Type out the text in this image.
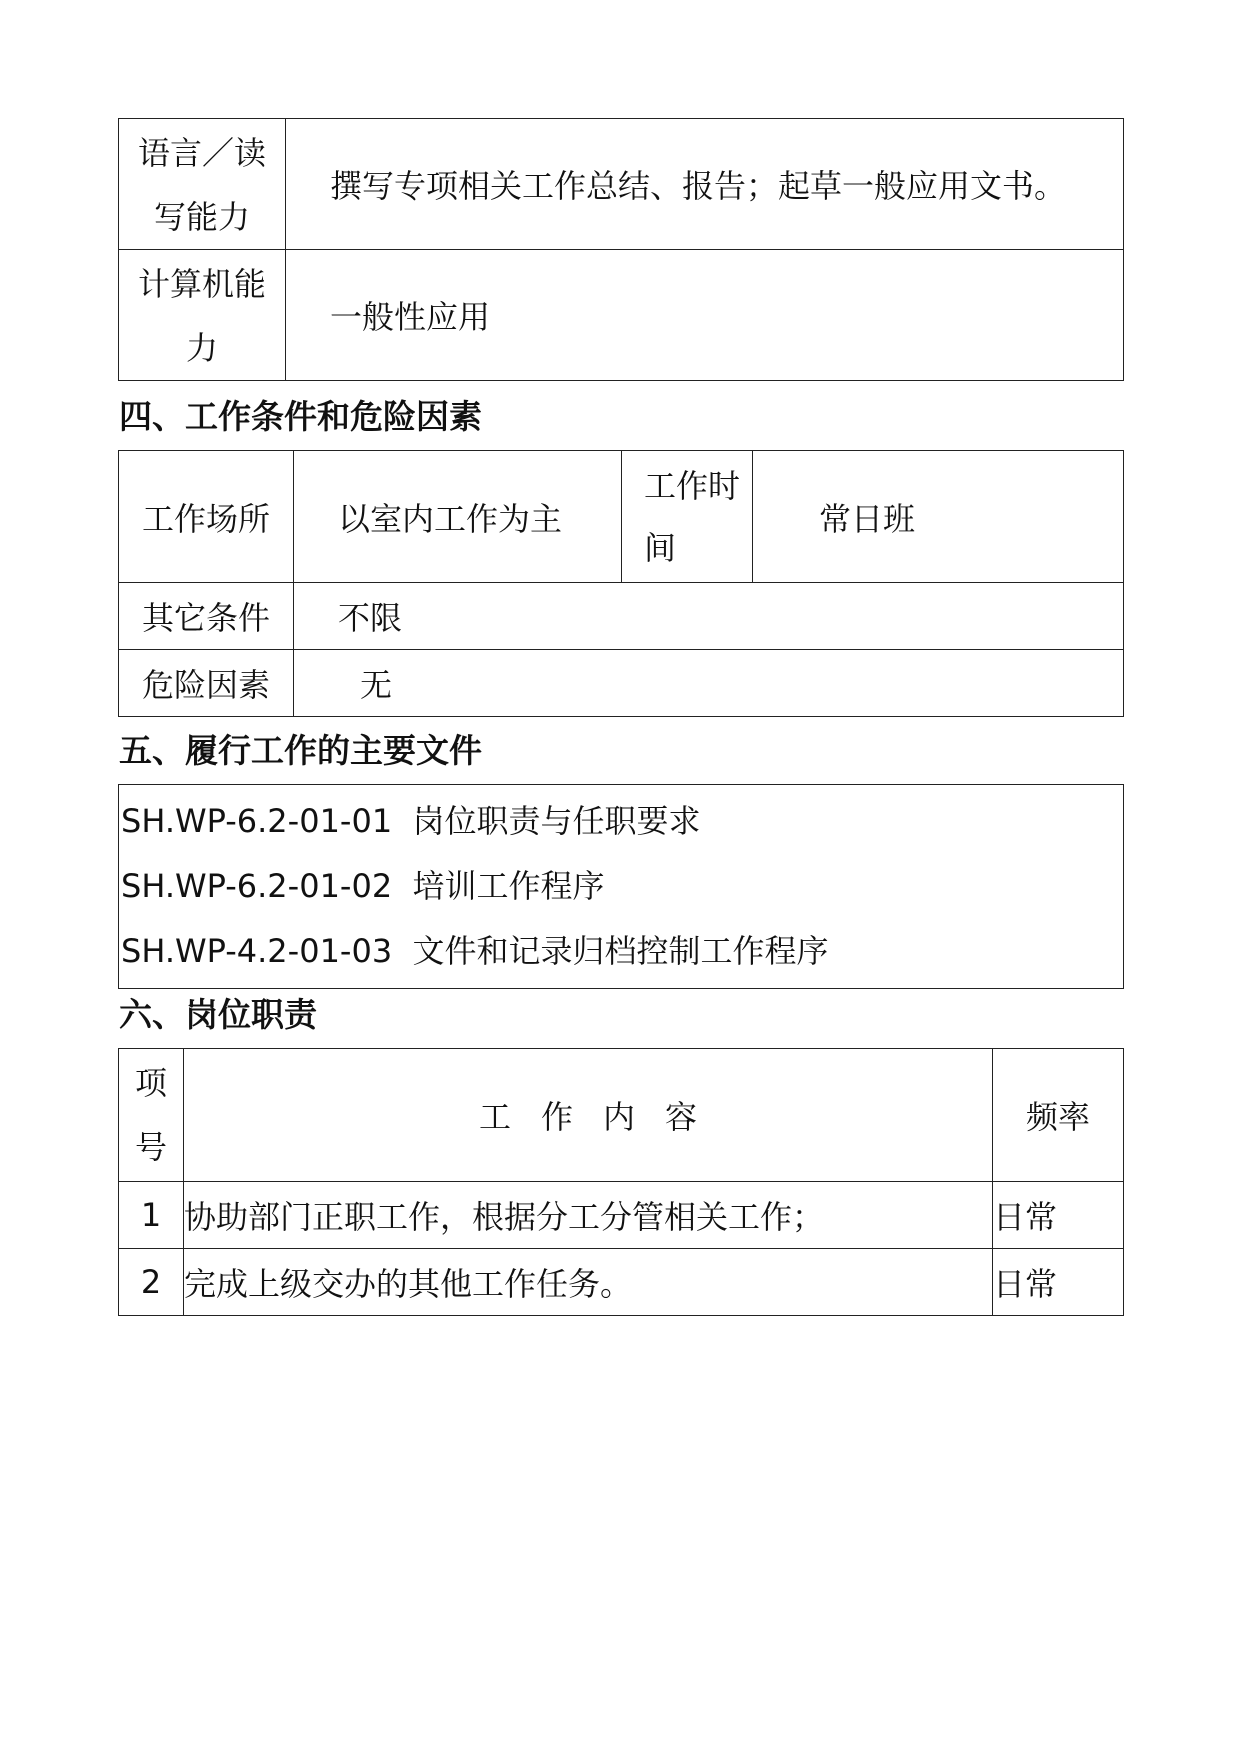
语言／读写能力	撰写专项相关工作总结、报告；起草一般应用文书。
计算机能力	一般性应用
四、工作条件和危险因素
工作场所	以室内工作为主	工作时间	常日班
其它条件	不限		
危险因素	无		
五、履行工作的主要文件
SH.WP-6.2-01-01 岗位职责与任职要求
SH.WP-6.2-01-02 培训工作程序
SH.WP-4.2-01-03 文件和记录归档控制工作程序
六、岗位职责
项号	工作内容	频率
1	协助部门正职工作，根据分工分管相关工作；	日常
2	完成上级交办的其他工作任务。	日常
